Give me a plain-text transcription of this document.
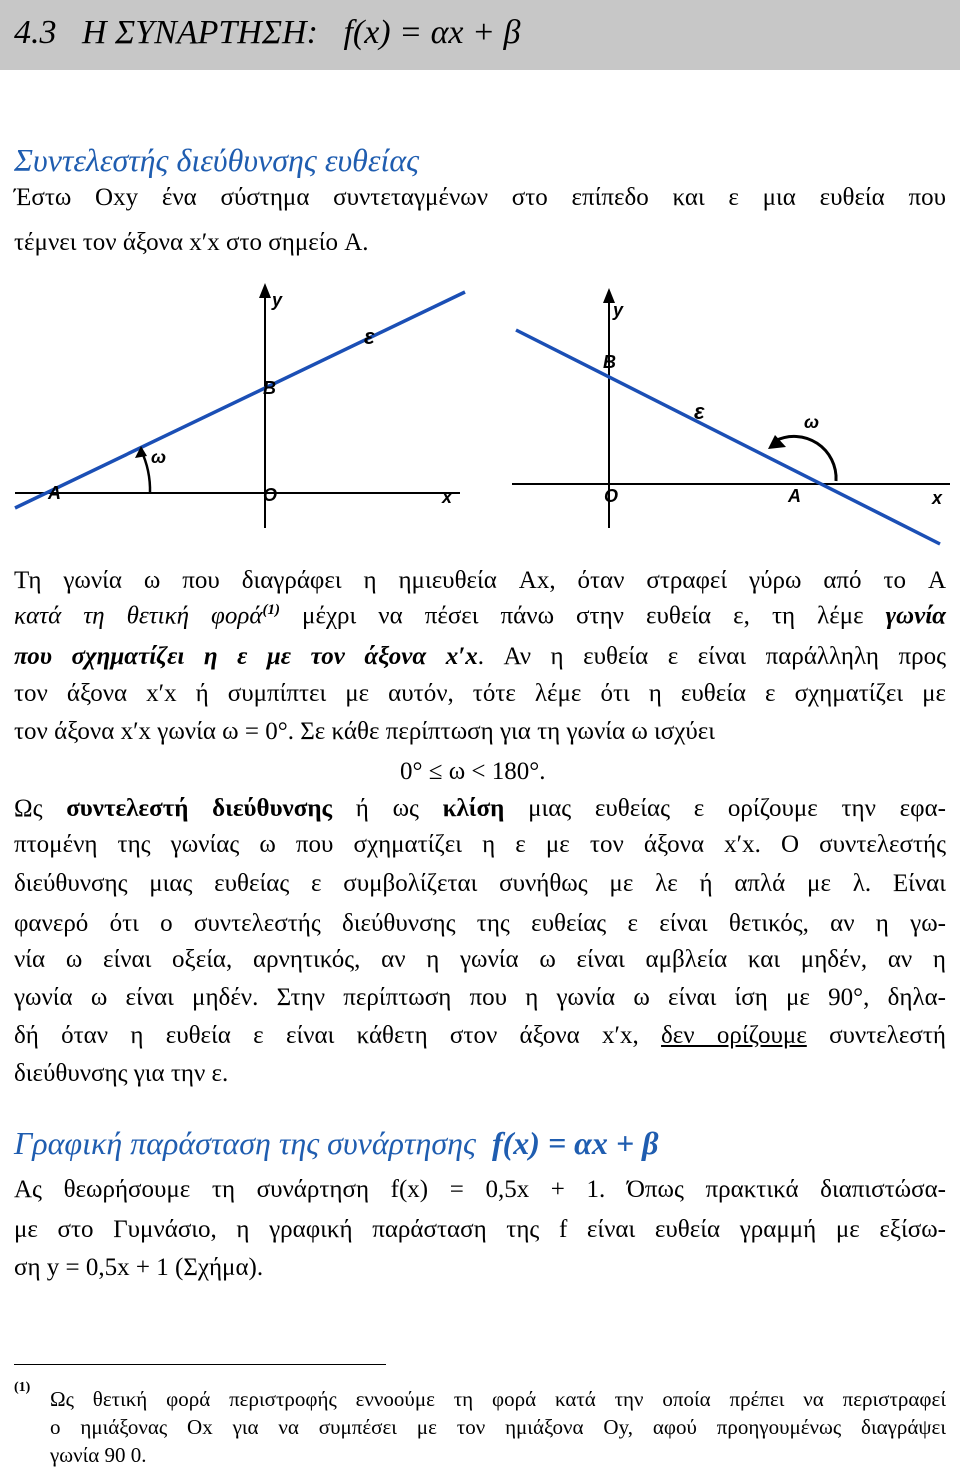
4.3 Η ΣΥΝΑΡΤΗΣΗ: f(x) = αx + β
Συντελεστής διεύθυνσης ευθείας
Έστω Oxy ένα σύστημα συντεταγμένων στο επίπεδο και ε μια ευθεία που
τέμνει τον άξονα x′x στο σημείο A.
y
ε
B
ω
A	O	x
y
B
ε	ω
O	A	x
Τη γωνία ω που διαγράφει η ημιευθεία Ax, όταν στραφεί γύρω από το A
κατά τη θετική φορά$^{(1)}$ μέχρι να πέσει πάνω στην ευθεία ε, τη λέμε γωνία
που σχηματίζει η ε με τον άξονα x′x. Αν η ευθεία ε είναι παράλληλη προς
τον άξονα x′x ή συμπίπτει με αυτόν, τότε λέμε ότι η ευθεία ε σχηματίζει με
τον άξονα x′x γωνία ω = 0°. Σε κάθε περίπτωση για τη γωνία ω ισχύει
0° ≤ ω < 180°.
Ως συντελεστή διεύθυνσης ή ως κλίση μιας ευθείας ε ορίζουμε την εφα-
πτομένη της γωνίας ω που σχηματίζει η ε με τον άξονα x′x. Ο συντελεστής
διεύθυνσης μιας ευθείας ε συμβολίζεται συνήθως με λε ή απλά με λ. Είναι
φανερό ότι ο συντελεστής διεύθυνσης της ευθείας ε είναι θετικός, αν η γω-
νία ω είναι οξεία, αρνητικός, αν η γωνία ω είναι αμβλεία και μηδέν, αν η
γωνία ω είναι μηδέν. Στην περίπτωση που η γωνία ω είναι ίση με 90°, δηλα-
δή όταν η ευθεία ε είναι κάθετη στον άξονα x′x, δεν ορίζουμε συντελεστή
διεύθυνσης για την ε.
Γραφική παράσταση της συνάρτησης f(x) = αx + β
Ας θεωρήσουμε τη συνάρτηση f(x) = 0,5x + 1. Όπως πρακτικά διαπιστώσα-
με στο Γυμνάσιο, η γραφική παράσταση της f είναι ευθεία γραμμή με εξίσω-
ση y = 0,5x + 1 (Σχήμα).
(1) Ως θετική φορά περιστροφής εννοούμε τη φορά κατά την οποία πρέπει να περιστραφεί
ο ημιάξονας Ox για να συμπέσει με τον ημιάξονα Oy, αφού προηγουμένως διαγράψει
γωνία 90 0.
